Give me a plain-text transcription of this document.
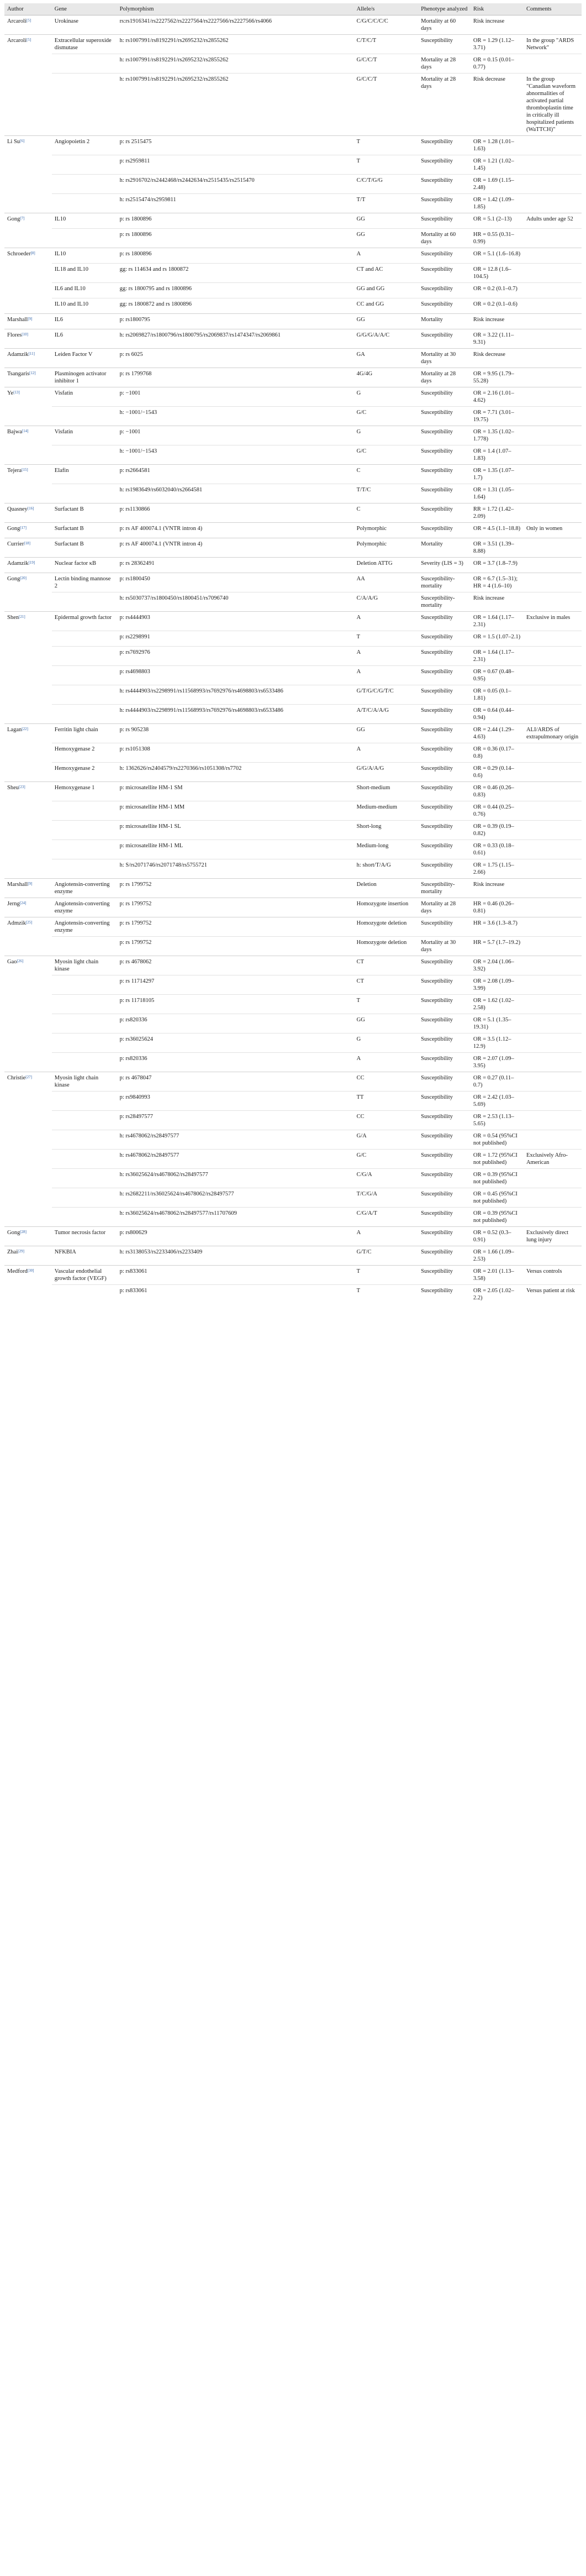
Author	Gene	Polymorphism	Allele/s	Phenotype analyzed	Risk	Comments
Arcaroli[5]	Urokinase	rs:rs1916341/rs2227562/rs2227564/rs2227566/rs2227566/rs4066	C/G/C/C/C/C	Mortality at 60 days	Risk increase	
Arcaroli[5]	Extracellular superoxide dismutase	h: rs1007991/rs8192291/rs2695232/rs2855262	C/T/C/T	Susceptibility	OR = 1.29 (1.12–3.71)	In the group "ARDS Network"
		h: rs1007991/rs8192291/rs2695232/rs2855262	G/C/C/T	Mortality at 28 days	OR = 0.15 (0.01–0.77)	
		h: rs1007991/rs8192291/rs2695232/rs2855262	G/C/C/T	Mortality at 28 days	Risk decrease	In the group "Canadian waveform abnormalities of activated partial thromboplastin time in critically ill hospitalized patients (WaTTCH)"
Li Su[6]	Angiopoietin 2	p: rs 2515475	T	Susceptibility	OR = 1.28 (1.01–1.63)	
		p: rs2959811	T	Susceptibility	OR = 1.21 (1.02–1.45)	
		h: rs2916702/rs2442468/rs2442634/rs2515435/rs2515470	C/C/T/G/G	Susceptibility	OR = 1.69 (1.15–2.48)	
		h: rs2515474/rs2959811	T/T	Susceptibility	OR = 1.42 (1.09–1.85)	
Gong[7]	IL10	p: rs 1800896	GG	Susceptibility	OR = 5.1 (2–13)	Adults under age 52
		p: rs 1800896	GG	Mortality at 60 days	HR = 0.55 (0.31–0.99)	
Schroeder[8]	IL10	p: rs 1800896	A	Susceptibility	OR = 5.1 (1.6–16.8)	
	IL18 and IL10	gg: rs 114634 and rs 1800872	CT and AC	Susceptibility	OR = 12.8 (1.6–104.5)	
	IL6 and IL10	gg: rs 1800795 and rs 1800896	GG and GG	Susceptibility	OR = 0.2 (0.1–0.7)	
	IL10 and IL10	gg: rs 1800872 and rs 1800896	CC and GG	Susceptibility	OR = 0.2 (0.1–0.6)	
Marshall[9]	IL6	p: rs1800795	GG	Mortality	Risk increase	
Flores[10]	IL6	h: rs2069827/rs1800796/rs1800795/rs2069837/rs1474347/rs2069861	G/G/G/A/A/C	Susceptibility	OR = 3.22 (1.11–9.31)	
Adamzik[11]	Leiden Factor V	p: rs 6025	GA	Mortality at 30 days	Risk decrease	
Tsangaris[12]	Plasminogen activator inhibitor 1	p: rs 1799768	4G/4G	Mortality at 28 days	OR = 9.95 (1.79–55.28)	
Ye[13]	Visfatin	p: −1001	G	Susceptibility	OR = 2.16 (1.01–4.62)	
		h: −1001/−1543	G/C	Susceptibility	OR = 7.71 (3.01–19.75)	
Bajwa[14]	Visfatin	p: −1001	G	Susceptibility	OR = 1.35 (1.02–1.778)	
		h: −1001/−1543	G/C	Susceptibility	OR = 1.4 (1.07–1.83)	
Tejera[15]	Elafin	p: rs2664581	C	Susceptibility	OR = 1.35 (1.07–1.7)	
		h: rs1983649/rs6032040/rs2664581	T/T/C	Susceptibility	OR = 1.31 (1.05–1.64)	
Quasney[16]	Surfactant B	p: rs1130866	C	Susceptibility	RR = 1.72 (1.42–2.09)	
Gong[17]	Surfactant B	p: rs AF 400074.1 (VNTR intron 4)	Polymorphic	Susceptibility	OR = 4.5 (1.1–18.8)	Only in women
Currier[18]	Surfactant B	p: rs AF 400074.1 (VNTR intron 4)	Polymorphic	Mortality	OR = 3.51 (1.39–8.88)	
Adamzik[19]	Nuclear factor κB	p: rs 28362491	Deletion ATTG	Severity (LIS = 3)	OR = 3.7 (1.8–7.9)	
Gong[20]	Lectin binding mannose 2	p: rs1800450	AA	Susceptibility-mortality	OR = 6.7 (1.5–31); HR = 4 (1.6–10)	
		h: rs5030737/rs1800450/rs1800451/rs7096740	C/A/A/G	Susceptibility-mortality	Risk increase	
Shen[21]	Epidermal growth factor	p: rs4444903	A	Susceptibility	OR = 1.64 (1.17–2.31)	Exclusive in males
		p: rs2298991	T	Susceptibility	OR = 1.5 (1.07–2.1)	
		p: rs7692976	A	Susceptibility	OR = 1.64 (1.17–2.31)	
		p: rs4698803	A	Susceptibility	OR = 0.67 (0.48–0.95)	
		h: rs4444903/rs2298991/rs11568993/rs7692976/rs4698803/rs6533486	G/T/G/C/G/T/C	Susceptibility	OR = 0.05 (0.1–1.81)	
		h: rs4444903/rs2298991/rs11568993/rs7692976/rs4698803/rs6533486	A/T/C/A/A/G	Susceptibility	OR = 0.64 (0.44–0.94)	
Lagan[22]	Ferritin light chain	p: rs 905238	GG	Susceptibility	OR = 2.44 (1.29–4.63)	ALI/ARDS of extrapulmonary origin
	Hemoxygenase 2	p: rs1051308	A	Susceptibility	OR = 0.36 (0.17–0.8)	
	Hemoxygenase 2	h: 1362626/rs2404579/rs2270366/rs1051308/rs7702	G/G/A/A/G	Susceptibility	OR = 0.29 (0.14–0.6)	
Sheu[23]	Hemoxygenase 1	p: microsatellite HM-1 SM	Short-medium	Susceptibility	OR = 0.46 (0.26–0.83)	
		p: microsatellite HM-1 MM	Medium-medium	Susceptibility	OR = 0.44 (0.25–0.76)	
		p: microsatellite HM-1 SL	Short-long	Susceptibility	OR = 0.39 (0.19–0.82)	
		p: microsatellite HM-1 ML	Medium-long	Susceptibility	OR = 0.33 (0.18–0.61)	
		h: S/rs2071746/rs2071748/rs5755721	h: short/T/A/G	Susceptibility	OR = 1.75 (1.15–2.66)	
Marshall[9]	Angiotensin-converting enzyme	p: rs 1799752	Deletion	Susceptibility-mortality	Risk increase	
Jerng[24]	Angiotensin-converting enzyme	p: rs 1799752	Homozygote insertion	Mortality at 28 days	HR = 0.46 (0.26–0.81)	
Admzik[25]	Angiotensin-converting enzyme	p: rs 1799752	Homozygote deletion	Susceptibility	HR = 3.6 (1.3–8.7)	
		p: rs 1799752	Homozygote deletion	Mortality at 30 days	HR = 5.7 (1.7–19.2)	
Gao[26]	Myosin light chain kinase	p: rs 4678062	CT	Susceptibility	OR = 2.04 (1.06–3.92)	
		p: rs 11714297	CT	Susceptibility	OR = 2.08 (1.09–3.99)	
		p: rs 11718105	T	Susceptibility	OR = 1.62 (1.02–2.58)	
		p: rs820336	GG	Susceptibility	OR = 5.1 (1.35–19.31)	
		p: rs36025624	G	Susceptibility	OR = 3.5 (1.12–12.9)	
		p: rs820336	A	Susceptibility	OR = 2.07 (1.09–3.95)	
Christie[27]	Myosin light chain kinase	p: rs 4678047	CC	Susceptibility	OR = 0.27 (0.11–0.7)	
		p: rs9840993	TT	Susceptibility	OR = 2.42 (1.03–5.69)	
		p: rs28497577	CC	Susceptibility	OR = 2.53 (1.13–5.65)	
		h: rs4678062/rs28497577	G/A	Susceptibility	OR = 0.54 (95%CI not published)	
		h: rs4678062/rs28497577	G/C	Susceptibility	OR = 1.72 (95%CI not published)	Exclusively Afro-American
		h: rs36025624/rs4678062/rs28497577	C/G/A	Susceptibility	OR = 0.39 (95%CI not published)	
		h: rs2682211/rs36025624/rs4678062/rs28497577	T/C/G/A	Susceptibility	OR = 0.45 (95%CI not published)	
		h: rs36025624/rs4678062/rs28497577/rs11707609	C/G/A/T	Susceptibility	OR = 0.39 (95%CI not published)	
Gong[28]	Tumor necrosis factor	p: rs800629	A	Susceptibility	OR = 0.52 (0.3–0.91)	Exclusively direct lung injury
Zhai[29]	NFKBIA	h: rs3138053/rs2233406/rs2233409	G/T/C	Susceptibility	OR = 1.66 (1.09–2.53)	
Medford[30]	Vascular endothelial growth factor (VEGF)	p: rs833061	T	Susceptibility	OR = 2.01 (1.13–3.58)	Versus controls
		p: rs833061	T	Susceptibility	OR = 2.05 (1.02–2.2)	Versus patient at risk
